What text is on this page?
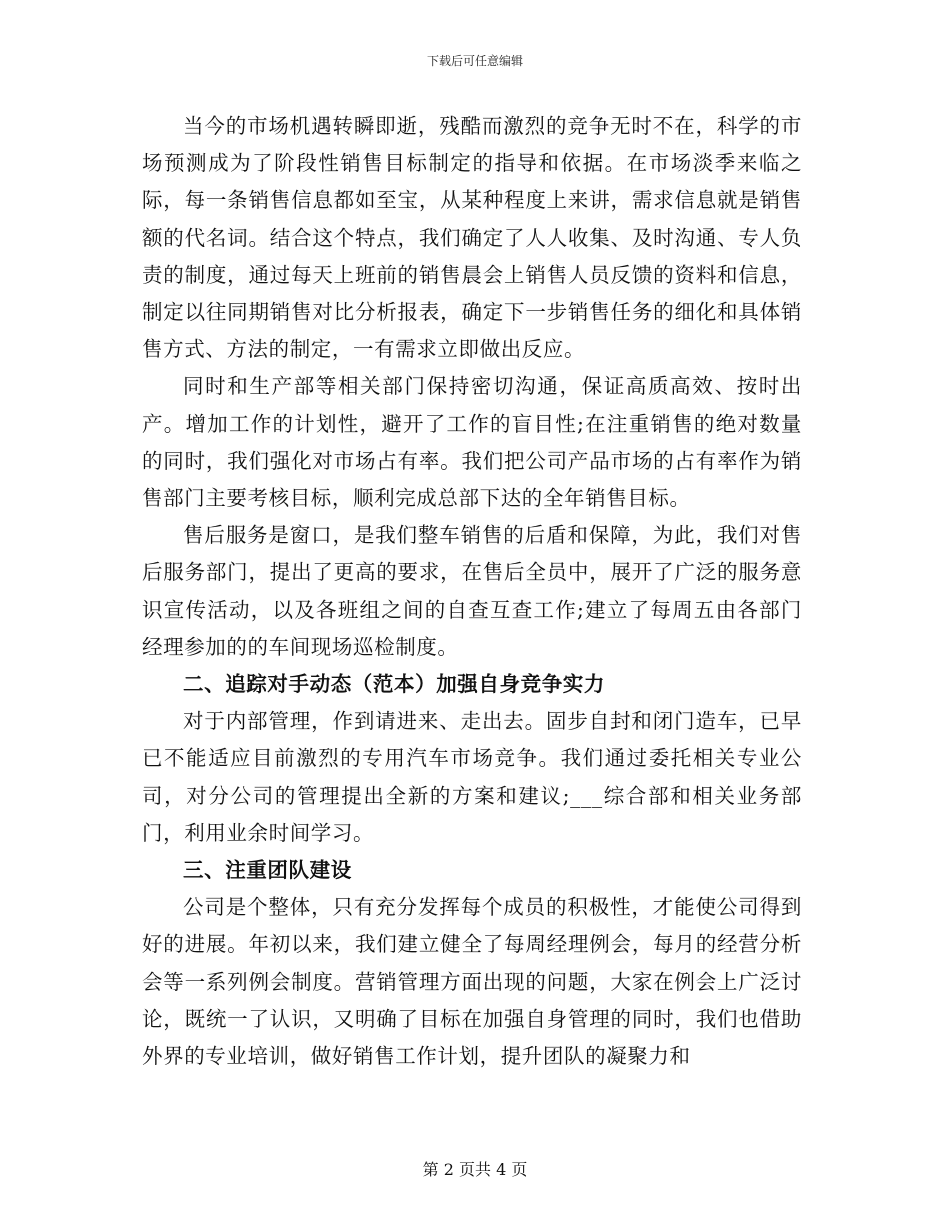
下载后可任意编辑

当今的市场机遇转瞬即逝，残酷而激烈的竞争无时不在，科学的市场预测成为了阶段性销售目标制定的指导和依据。在市场淡季来临之际，每一条销售信息都如至宝，从某种程度上来讲，需求信息就是销售额的代名词。结合这个特点，我们确定了人人收集、及时沟通、专人负责的制度，通过每天上班前的销售晨会上销售人员反馈的资料和信息，制定以往同期销售对比分析报表，确定下一步销售任务的细化和具体销售方式、方法的制定，一有需求立即做出反应。

同时和生产部等相关部门保持密切沟通，保证高质高效、按时出产。增加工作的计划性，避开了工作的盲目性;在注重销售的绝对数量的同时，我们强化对市场占有率。我们把公司产品市场的占有率作为销售部门主要考核目标，顺利完成总部下达的全年销售目标。

售后服务是窗口，是我们整车销售的后盾和保障，为此，我们对售后服务部门，提出了更高的要求，在售后全员中，展开了广泛的服务意识宣传活动，以及各班组之间的自查互查工作;建立了每周五由各部门经理参加的的车间现场巡检制度。

二、追踪对手动态（范本）加强自身竞争实力

对于内部管理，作到请进来、走出去。固步自封和闭门造车，已早已不能适应目前激烈的专用汽车市场竞争。我们通过委托相关专业公司，对分公司的管理提出全新的方案和建议;___综合部和相关业务部门，利用业余时间学习。

三、注重团队建设

公司是个整体，只有充分发挥每个成员的积极性，才能使公司得到好的进展。年初以来，我们建立健全了每周经理例会，每月的经营分析会等一系列例会制度。营销管理方面出现的问题，大家在例会上广泛讨论，既统一了认识，又明确了目标在加强自身管理的同时，我们也借助外界的专业培训，做好销售工作计划，提升团队的凝聚力和

第 2 页共 4 页
